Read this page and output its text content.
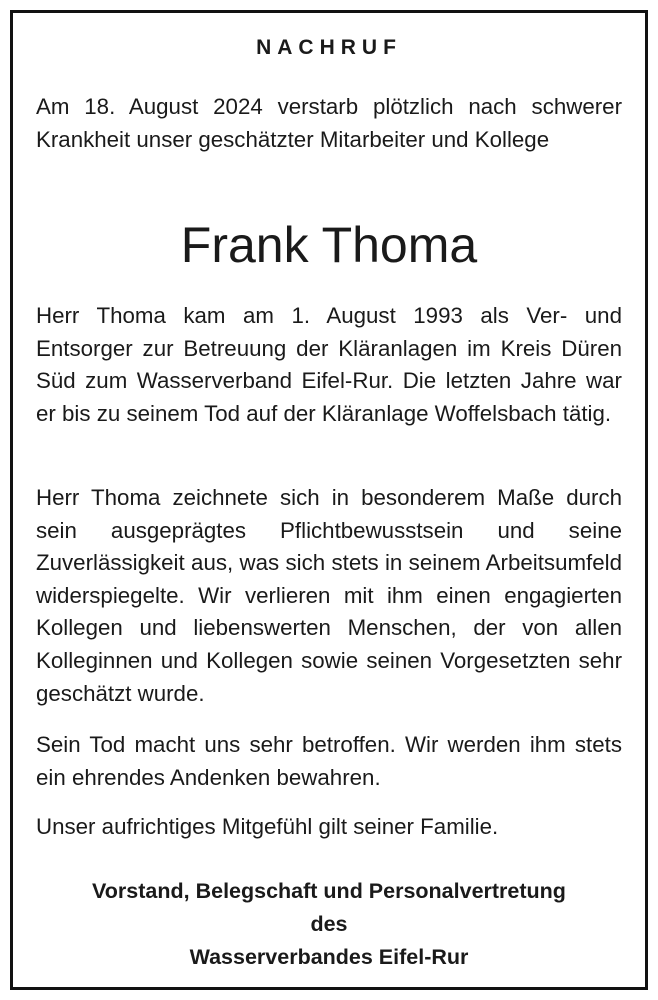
NACHRUF

Am 18. August 2024 verstarb plötzlich nach schwerer Krankheit unser geschätzter Mitarbeiter und Kollege

Frank Thoma

Herr Thoma kam am 1. August 1993 als Ver- und Entsorger zur Betreuung der Kläranlagen im Kreis Düren Süd zum Wasserverband Eifel-Rur. Die letzten Jahre war er bis zu seinem Tod auf der Kläranlage Woffelsbach tätig.

Herr Thoma zeichnete sich in besonderem Maße durch sein ausgeprägtes Pflichtbewusstsein und seine Zuverlässigkeit aus, was sich stets in seinem Arbeitsumfeld widerspiegelte. Wir verlieren mit ihm einen engagierten Kollegen und liebenswerten Menschen, der von allen Kolleginnen und Kollegen sowie seinen Vorgesetzten sehr geschätzt wurde.

Sein Tod macht uns sehr betroffen. Wir werden ihm stets ein ehrendes Andenken bewahren.

Unser aufrichtiges Mitgefühl gilt seiner Familie.

Vorstand, Belegschaft und Personalvertretung
des
Wasserverbandes Eifel-Rur
